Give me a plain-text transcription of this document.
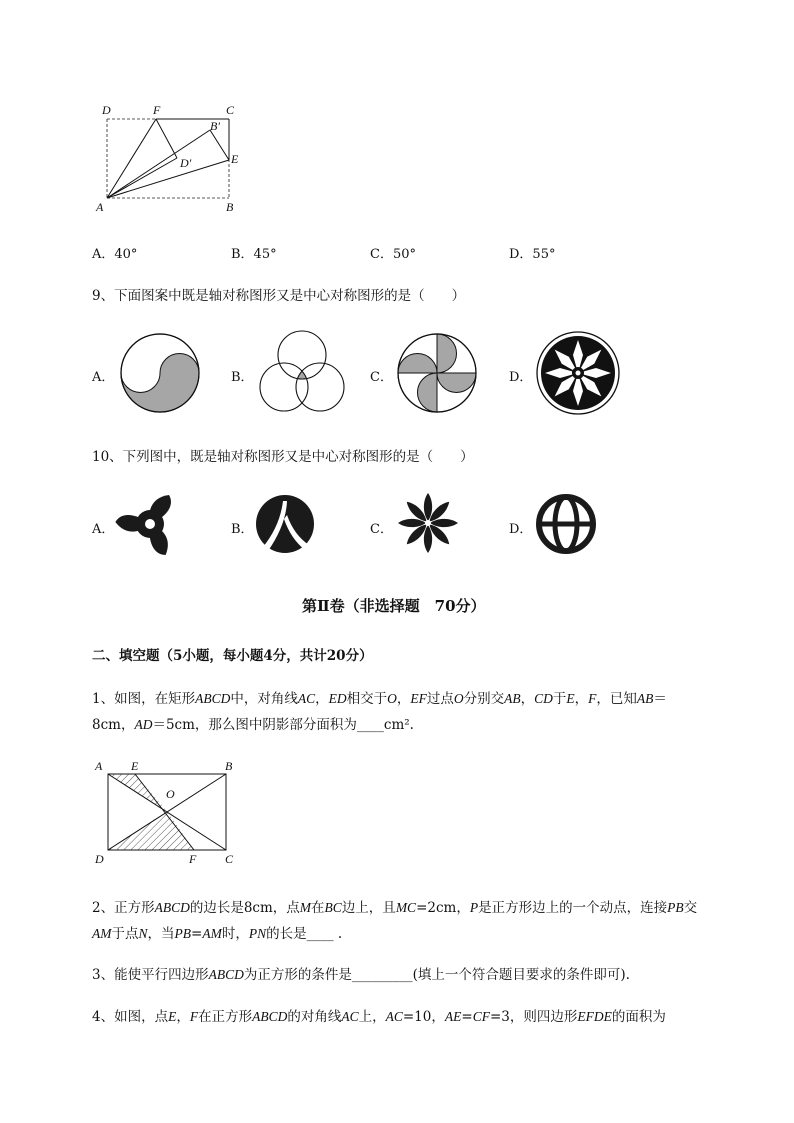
D	F	C
B′
D′	E
A	B
A．40°	B．45°	C．50°	D．55°
9、下面图案中既是轴对称图形又是中心对称图形的是（　　）
A．	B．	C．	D．
10、下列图中，既是轴对称图形又是中心对称图形的是（　　）
A．	B．	C．	D．
第Ⅱ卷（非选择题　70分）
二、填空题（5小题，每小题4分，共计20分）
1、如图，在矩形ABCD中，对角线AC，ED相交于O，EF过点O分别交AB，CD于E，F，已知AB＝
8cm，AD＝5cm，那么图中阴影部分面积为____cm².
A E	B
O
D	F C
2、正方形ABCD的边长是8cm，点M在BC边上，且MC=2cm，P是正方形边上的一个动点，连接PB交
AM于点N，当PB=AM时，PN的长是____ .
3、能使平行四边形ABCD为正方形的条件是_________(填上一个符合题目要求的条件即可).
4、如图，点E，F在正方形ABCD的对角线AC上，AC=10，AE=CF=3，则四边形EFDE的面积为
